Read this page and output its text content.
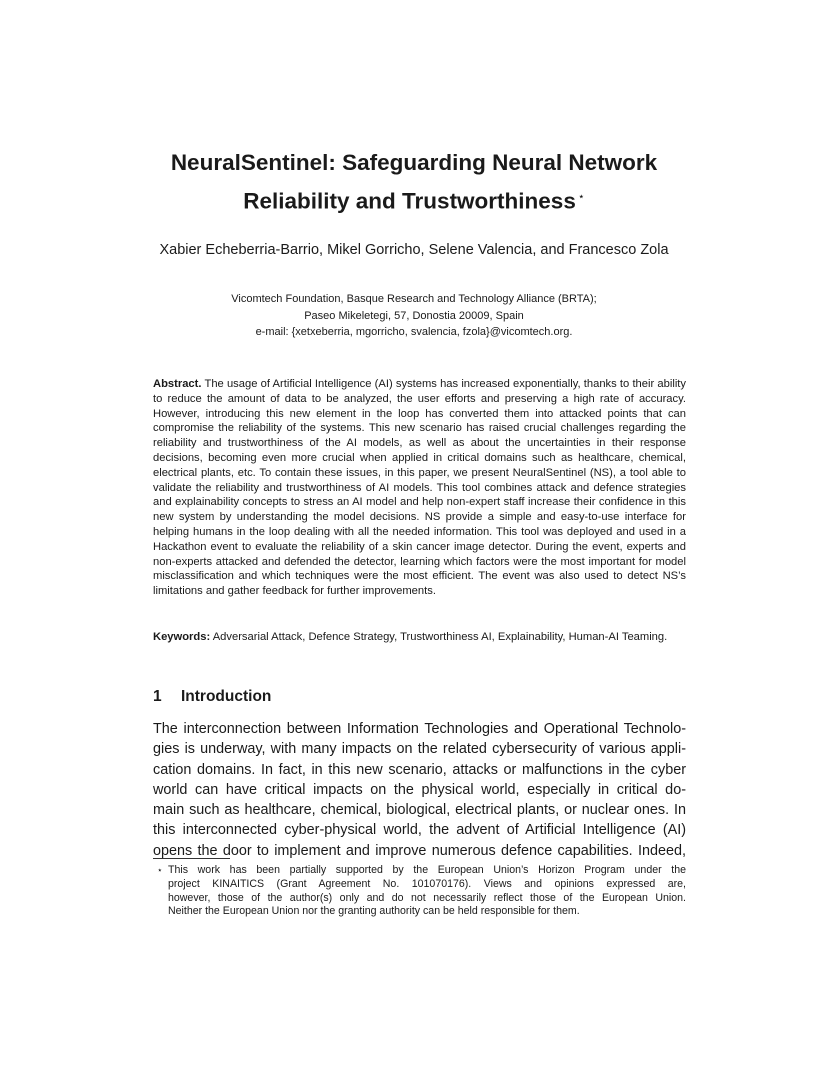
NeuralSentinel: Safeguarding Neural Network
Reliability and Trustworthiness ⋆
Xabier Echeberria-Barrio, Mikel Gorricho, Selene Valencia, and Francesco Zola
Vicomtech Foundation, Basque Research and Technology Alliance (BRTA);
Paseo Mikeletegi, 57, Donostia 20009, Spain
e-mail: {xetxeberria, mgorricho, svalencia, fzola}@vicomtech.org.
Abstract. The usage of Artificial Intelligence (AI) systems has increased exponentially, thanks to their ability to reduce the amount of data to be analyzed, the user efforts and preserving a high rate of accuracy. However, introducing this new element in the loop has converted them into attacked points that can compromise the reliability of the systems. This new scenario has raised crucial challenges regarding the reliability and trustworthiness of the AI models, as well as about the uncertainties in their response decisions, becoming even more crucial when applied in critical domains such as healthcare, chemical, electrical plants, etc. To contain these issues, in this paper, we present NeuralSentinel (NS), a tool able to validate the reliability and trustworthiness of AI models. This tool combines attack and defence strategies and explainability concepts to stress an AI model and help non-expert staff increase their confidence in this new system by understanding the model decisions. NS provide a simple and easy-to-use interface for helping humans in the loop dealing with all the needed information. This tool was deployed and used in a Hackathon event to evaluate the reliability of a skin cancer image detector. During the event, experts and non-experts attacked and defended the detector, learning which factors were the most important for model misclassification and which techniques were the most efficient. The event was also used to detect NS’s limitations and gather feedback for further improvements.
Keywords: Adversarial Attack, Defence Strategy, Trustworthiness AI, Explainability, Human-AI Teaming.
1 Introduction
The interconnection between Information Technologies and Operational Technolo-
gies is underway, with many impacts on the related cybersecurity of various appli-
cation domains. In fact, in this new scenario, attacks or malfunctions in the cyber
world can have critical impacts on the physical world, especially in critical do-
main such as healthcare, chemical, biological, electrical plants, or nuclear ones. In
this interconnected cyber-physical world, the advent of Artificial Intelligence (AI)
opens the door to implement and improve numerous defence capabilities. Indeed,
⋆ This work has been partially supported by the European Union’s Horizon Program under the
project KINAITICS (Grant Agreement No. 101070176). Views and opinions expressed are,
however, those of the author(s) only and do not necessarily reflect those of the European Union.
Neither the European Union nor the granting authority can be held responsible for them.
